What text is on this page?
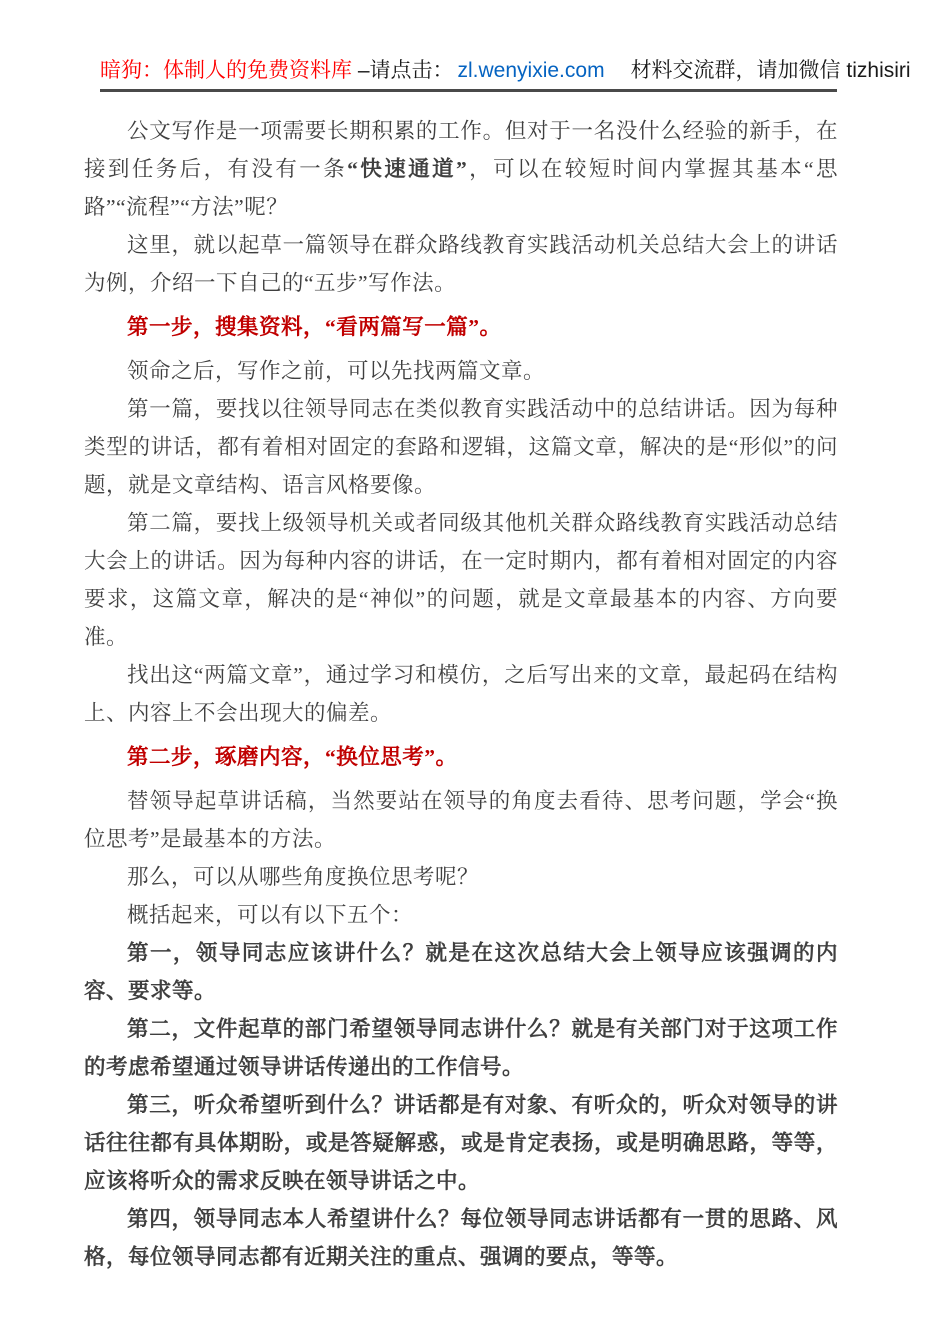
暗狗：体制人的免费资料库 –请点击： zl.wenyixie.com 材料交流群，请加微信 tizhisiri
公文写作是一项需要长期积累的工作。但对于一名没什么经验的新手，在接到任务后，有没有一条“快速通道”，可以在较短时间内掌握其基本“思路”“流程”“方法”呢？
这里，就以起草一篇领导在群众路线教育实践活动机关总结大会上的讲话为例，介绍一下自己的“五步”写作法。
第一步，搜集资料，“看两篇写一篇”。
领命之后，写作之前，可以先找两篇文章。
第一篇，要找以往领导同志在类似教育实践活动中的总结讲话。因为每种类型的讲话，都有着相对固定的套路和逻辑，这篇文章，解决的是“形似”的问题，就是文章结构、语言风格要像。
第二篇，要找上级领导机关或者同级其他机关群众路线教育实践活动总结大会上的讲话。因为每种内容的讲话，在一定时期内，都有着相对固定的内容要求，这篇文章，解决的是“神似”的问题，就是文章最基本的内容、方向要准。
找出这“两篇文章”，通过学习和模仿，之后写出来的文章，最起码在结构上、内容上不会出现大的偏差。
第二步，琢磨内容，“换位思考”。
替领导起草讲话稿，当然要站在领导的角度去看待、思考问题，学会“换位思考”是最基本的方法。
那么，可以从哪些角度换位思考呢？
概括起来，可以有以下五个：
第一，领导同志应该讲什么？就是在这次总结大会上领导应该强调的内容、要求等。
第二，文件起草的部门希望领导同志讲什么？就是有关部门对于这项工作的考虑希望通过领导讲话传递出的工作信号。
第三，听众希望听到什么？讲话都是有对象、有听众的，听众对领导的讲话往往都有具体期盼，或是答疑解惑，或是肯定表扬，或是明确思路，等等，应该将听众的需求反映在领导讲话之中。
第四，领导同志本人希望讲什么？每位领导同志讲话都有一贯的思路、风格，每位领导同志都有近期关注的重点、强调的要点，等等。
